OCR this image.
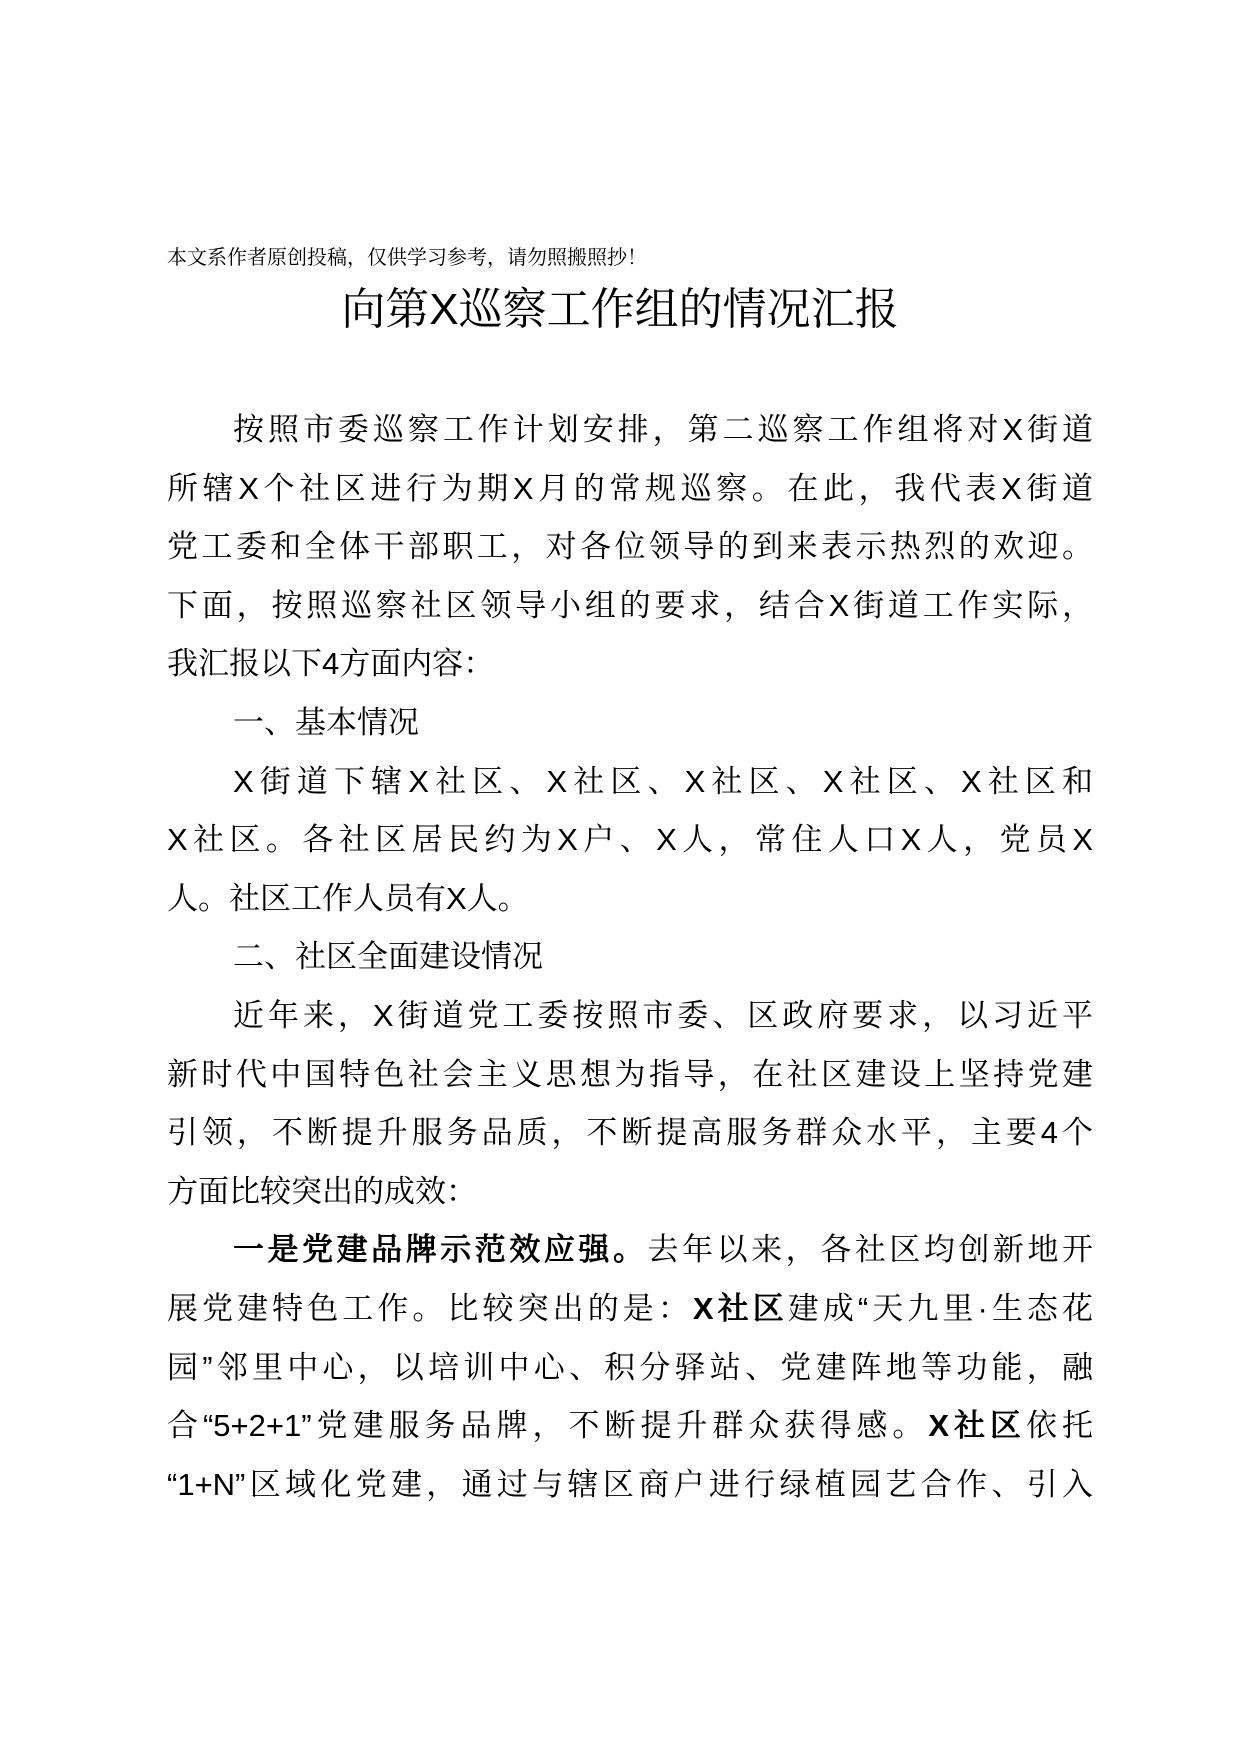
本文系作者原创投稿，仅供学习参考，请勿照搬照抄！
向第X巡察工作组的情况汇报
按照市委巡察工作计划安排，第二巡察工作组将对X街道
所辖X个社区进行为期X月的常规巡察。在此，我代表X街道
党工委和全体干部职工，对各位领导的到来表示热烈的欢迎。
下面，按照巡察社区领导小组的要求，结合X街道工作实际，
我汇报以下4方面内容：
一、基本情况
X街道下辖X社区、X社区、X社区、X社区、X社区和
X社区。各社区居民约为X户、X人，常住人口X人，党员X
人。社区工作人员有X人。
二、社区全面建设情况
近年来，X街道党工委按照市委、区政府要求，以习近平
新时代中国特色社会主义思想为指导，在社区建设上坚持党建
引领，不断提升服务品质，不断提高服务群众水平，主要4个
方面比较突出的成效：
一是党建品牌示范效应强。去年以来，各社区均创新地开
展党建特色工作。比较突出的是：X社区建成“天九里·生态花
园”邻里中心，以培训中心、积分驿站、党建阵地等功能，融
合“5+2+1”党建服务品牌，不断提升群众获得感。X社区依托
“1+N”区域化党建，通过与辖区商户进行绿植园艺合作、引入
